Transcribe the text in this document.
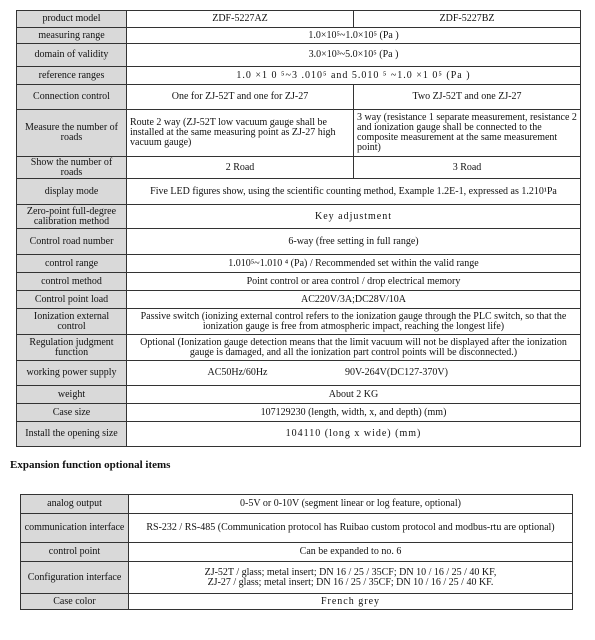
product model	ZDF-5227AZ	ZDF-5227BZ
measuring range	1.0×10⁵~1.0×10⁵ (Pa )	
domain of validity	3.0×10³~5.0×10⁵ (Pa )	
reference ranges	1.0 ×1 0 ⁵~3 .010⁵ and 5.010 ⁵ ~1.0 ×1 0⁵ (Pa )	
Connection control	One for ZJ-52T and one for ZJ-27	Two ZJ-52T and one ZJ-27
Measure the number of roads	Route 2 way (ZJ-52T low vacuum gauge shall be installed at the same measuring point as ZJ-27 high vacuum gauge)	3 way (resistance 1 separate measurement, resistance 2 and ionization gauge shall be connected to the composite measurement at the same measurement point)
Show the number of roads	2 Road	3 Road
display mode	Five LED figures show, using the scientific counting method, Example 1.2E-1, expressed as 1.210¹Pa	
Zero-point full-degree calibration method	Key adjustment	
Control road number	6-way (free setting in full range)	
control range	1.010⁵~1.010 ⁴ (Pa) / Recommended set within the valid range	
control method	Point control or area control / drop electrical memory	
Control point load	AC220V/3A;DC28V/10A	
Ionization external control	Passive switch (ionizing external control refers to the ionization gauge through the PLC switch, so that the ionization gauge is free from atmospheric impact, reaching the longest life)	
Regulation judgment function	Optional (Ionization gauge detection means that the limit vacuum will not be displayed after the ionization gauge is damaged, and all the ionization part control points will be disconnected.)	
working power supply	AC50Hz/60Hz 90V-264V(DC127-370V)	
weight	About 2 KG	
Case size	107129230 (length, width, x, and depth) (mm)	
Install the opening size	104110 (long x wide) (mm)	

Expansion function optional items

analog output	0-5V or 0-10V (segment linear or log feature, optional)
communication interface	RS-232 / RS-485 (Communication protocol has Ruibao custom protocol and modbus-rtu are optional)
control point	Can be expanded to no. 6
Configuration interface	ZJ-52T / glass; metal insert; DN 16 / 25 / 35CF; DN 10 / 16 / 25 / 40 KF,
ZJ-27 / glass; metal insert; DN 16 / 25 / 35CF; DN 10 / 16 / 25 / 40 KF.

Case color	French grey
